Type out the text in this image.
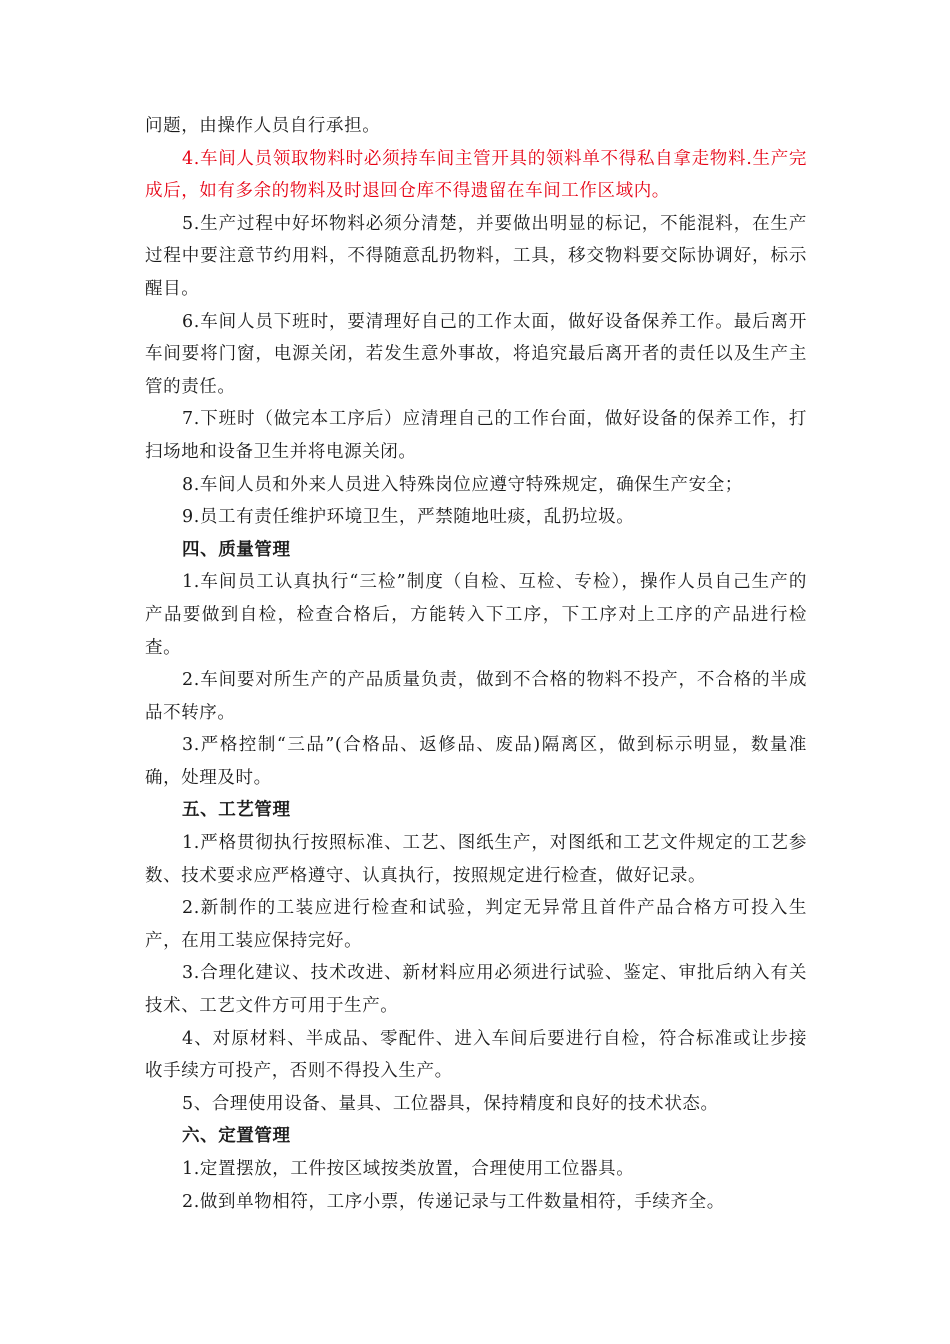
问题，由操作人员自行承担。

4.车间人员领取物料时必须持车间主管开具的领料单不得私自拿走物料.生产完成后，如有多余的物料及时退回仓库不得遗留在车间工作区域内。

5.生产过程中好坏物料必须分清楚，并要做出明显的标记，不能混料，在生产过程中要注意节约用料，不得随意乱扔物料，工具，移交物料要交际协调好，标示醒目。

6.车间人员下班时，要清理好自己的工作太面，做好设备保养工作。最后离开车间要将门窗，电源关闭，若发生意外事故，将追究最后离开者的责任以及生产主管的责任。

7.下班时（做完本工序后）应清理自己的工作台面，做好设备的保养工作，打扫场地和设备卫生并将电源关闭。

8.车间人员和外来人员进入特殊岗位应遵守特殊规定，确保生产安全；

9.员工有责任维护环境卫生，严禁随地吐痰，乱扔垃圾。

四、质量管理

1.车间员工认真执行“三检”制度（自检、互检、专检），操作人员自己生产的产品要做到自检，检查合格后，方能转入下工序，下工序对上工序的产品进行检查。

2.车间要对所生产的产品质量负责，做到不合格的物料不投产，不合格的半成品不转序。

3.严格控制“三品”(合格品、返修品、废品)隔离区，做到标示明显，数量准确，处理及时。

五、工艺管理

1.严格贯彻执行按照标准、工艺、图纸生产，对图纸和工艺文件规定的工艺参数、技术要求应严格遵守、认真执行，按照规定进行检查，做好记录。

2.新制作的工装应进行检查和试验，判定无异常且首件产品合格方可投入生产，在用工装应保持完好。

3.合理化建议、技术改进、新材料应用必须进行试验、鉴定、审批后纳入有关技术、工艺文件方可用于生产。

4、对原材料、半成品、零配件、进入车间后要进行自检，符合标准或让步接收手续方可投产，否则不得投入生产。

5、合理使用设备、量具、工位器具，保持精度和良好的技术状态。

六、定置管理

1.定置摆放，工件按区域按类放置，合理使用工位器具。

2.做到单物相符，工序小票，传递记录与工件数量相符，手续齐全。
